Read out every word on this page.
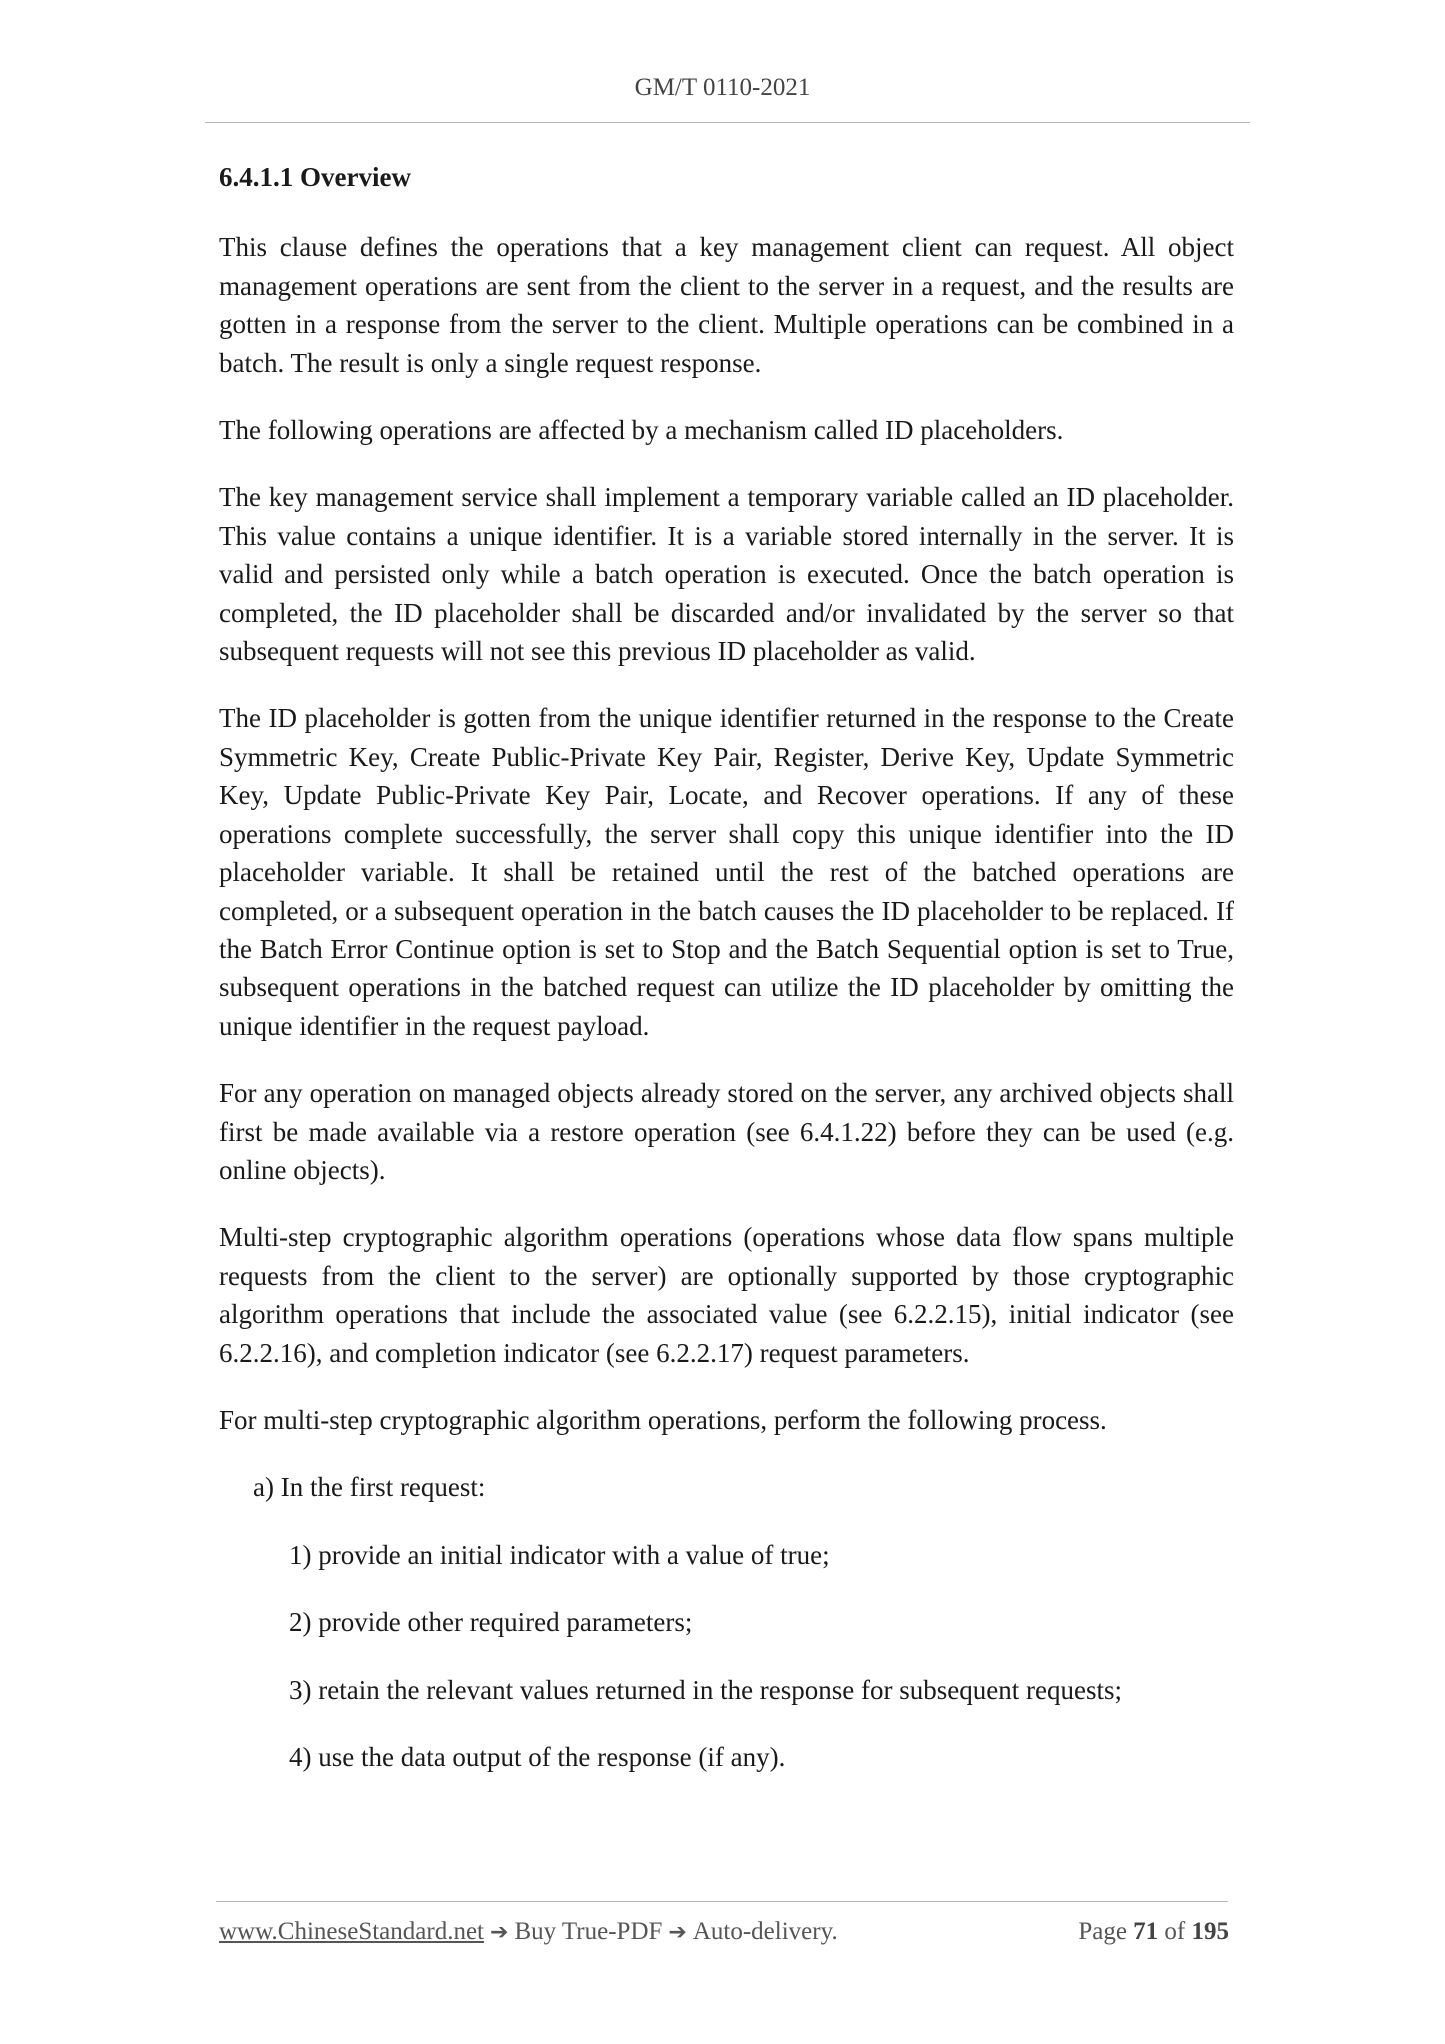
GM/T 0110-2021
6.4.1.1 Overview

This clause defines the operations that a key management client can request. All object management operations are sent from the client to the server in a request, and the results are gotten in a response from the server to the client. Multiple operations can be combined in a batch. The result is only a single request response.

The following operations are affected by a mechanism called ID placeholders.

The key management service shall implement a temporary variable called an ID placeholder. This value contains a unique identifier. It is a variable stored internally in the server. It is valid and persisted only while a batch operation is executed. Once the batch operation is completed, the ID placeholder shall be discarded and/or invalidated by the server so that subsequent requests will not see this previous ID placeholder as valid.

The ID placeholder is gotten from the unique identifier returned in the response to the Create Symmetric Key, Create Public-Private Key Pair, Register, Derive Key, Update Symmetric Key, Update Public-Private Key Pair, Locate, and Recover operations. If any of these operations complete successfully, the server shall copy this unique identifier into the ID placeholder variable. It shall be retained until the rest of the batched operations are completed, or a subsequent operation in the batch causes the ID placeholder to be replaced. If the Batch Error Continue option is set to Stop and the Batch Sequential option is set to True, subsequent operations in the batched request can utilize the ID placeholder by omitting the unique identifier in the request payload.

For any operation on managed objects already stored on the server, any archived objects shall first be made available via a restore operation (see 6.4.1.22) before they can be used (e.g. online objects).

Multi-step cryptographic algorithm operations (operations whose data flow spans multiple requests from the client to the server) are optionally supported by those cryptographic algorithm operations that include the associated value (see 6.2.2.15), initial indicator (see 6.2.2.16), and completion indicator (see 6.2.2.17) request parameters.

For multi-step cryptographic algorithm operations, perform the following process.

a) In the first request:

1) provide an initial indicator with a value of true;

2) provide other required parameters;

3) retain the relevant values returned in the response for subsequent requests;

4) use the data output of the response (if any).

www.ChineseStandard.net ➔ Buy True-PDF ➔ Auto-delivery.	Page 71 of 195
